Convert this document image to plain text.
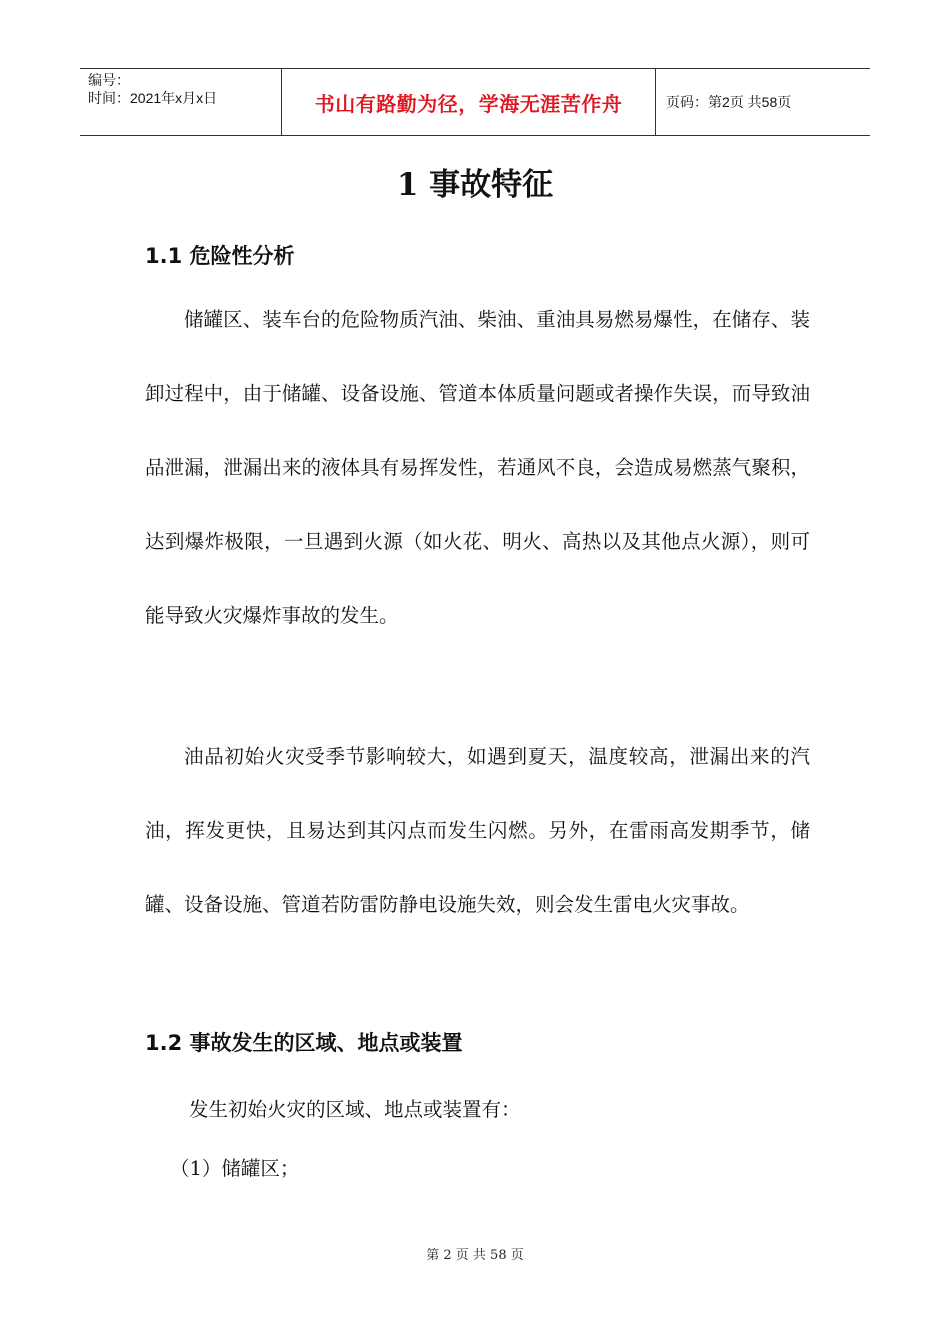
编号：
时间：2021年x月x日	书山有路勤为径，学海无涯苦作舟	页码：第2页 共58页
1 事故特征
1.1 危险性分析

储罐区、装车台的危险物质汽油、柴油、重油具易燃易爆性，在储存、装卸过程中，由于储罐、设备设施、管道本体质量问题或者操作失误，而导致油品泄漏，泄漏出来的液体具有易挥发性，若通风不良，会造成易燃蒸气聚积，达到爆炸极限，一旦遇到火源（如火花、明火、高热以及其他点火源），则可能导致火灾爆炸事故的发生。

油品初始火灾受季节影响较大，如遇到夏天，温度较高，泄漏出来的汽油，挥发更快，且易达到其闪点而发生闪燃。另外，在雷雨高发期季节，储罐、设备设施、管道若防雷防静电设施失效，则会发生雷电火灾事故。

1.2 事故发生的区域、地点或装置
发生初始火灾的区域、地点或装置有：
（1）储罐区；
第 2 页 共 58 页
